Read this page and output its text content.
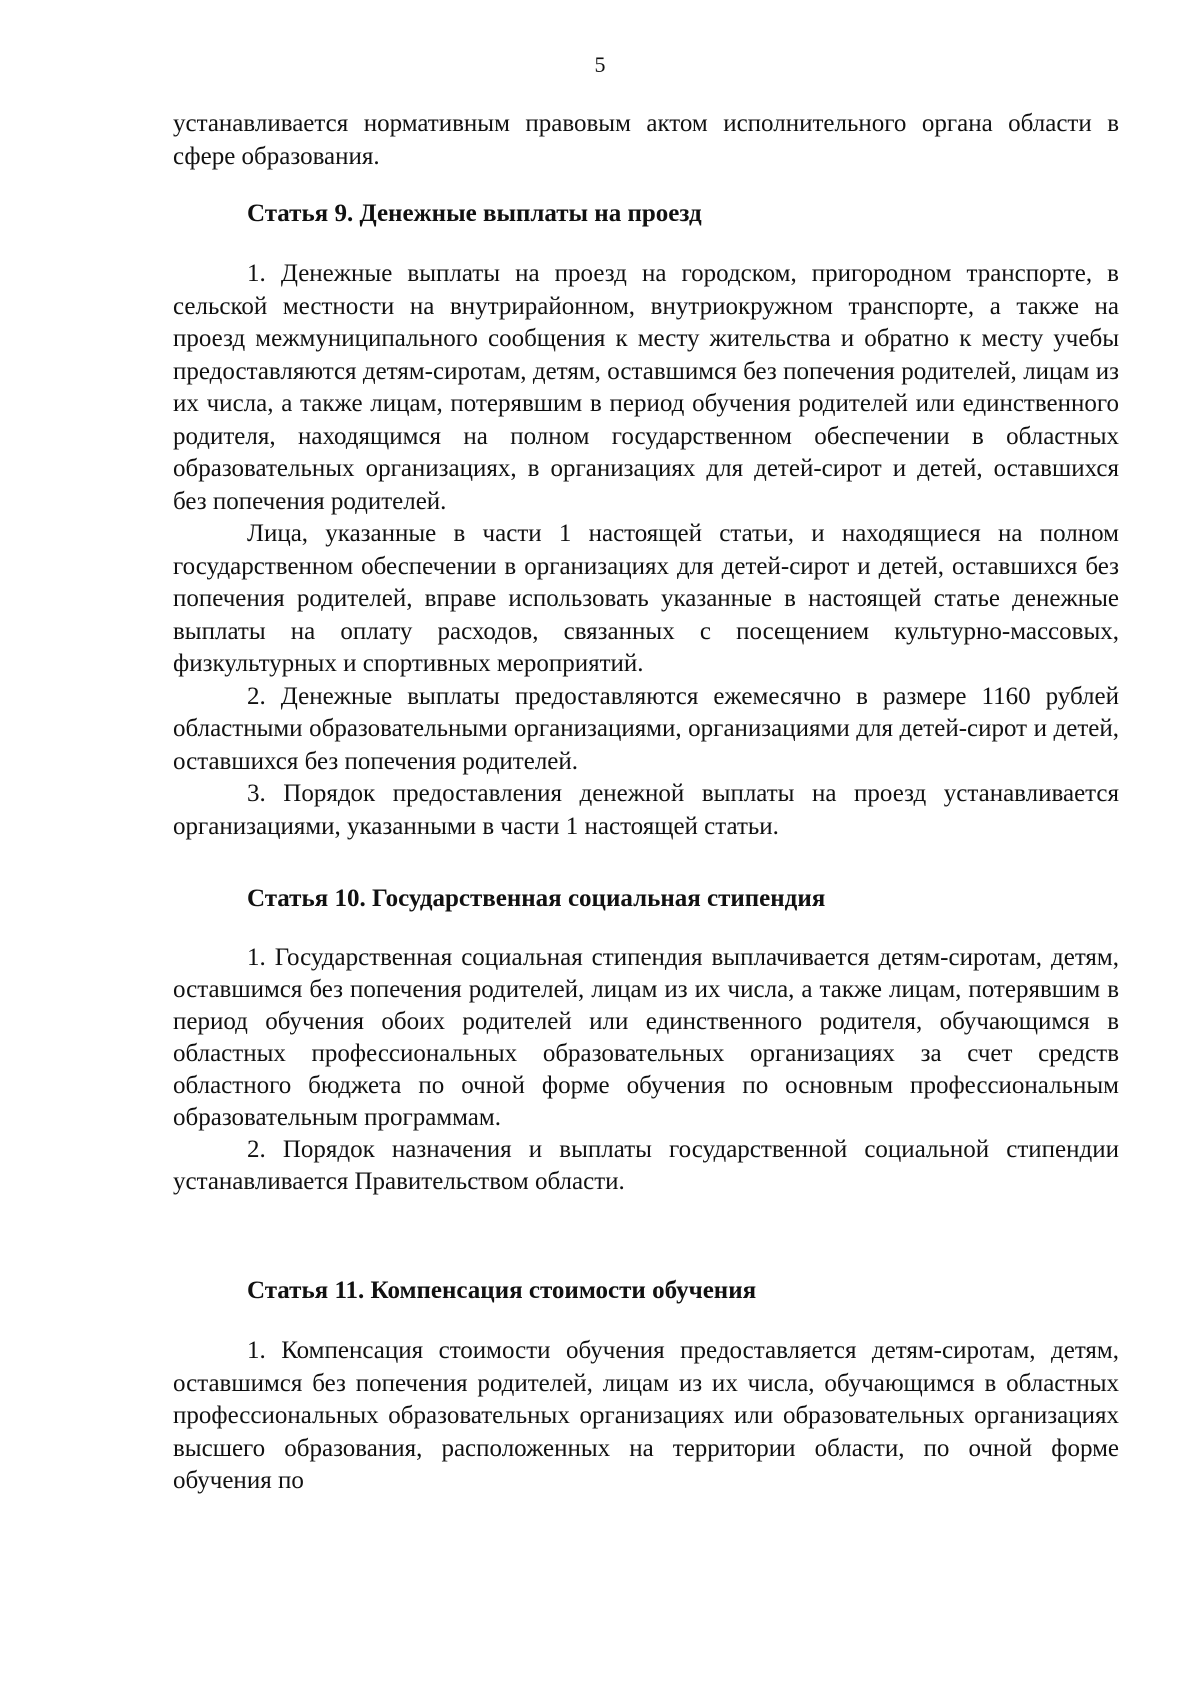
5

устанавливается нормативным правовым актом исполнительного органа области в сфере образования.

Статья 9. Денежные выплаты на проезд

1. Денежные выплаты на проезд на городском, пригородном транспорте, в сельской местности на внутрирайонном, внутриокружном транспорте, а также на проезд межмуниципального сообщения к месту жительства и обратно к месту учебы предоставляются детям-сиротам, детям, оставшимся без попечения родителей, лицам из их числа, а также лицам, потерявшим в период обучения родителей или единственного родителя, находящимся на полном государственном обеспечении в областных образовательных организациях, в организациях для детей-сирот и детей, оставшихся без попечения родителей.

Лица, указанные в части 1 настоящей статьи, и находящиеся на полном государственном обеспечении в организациях для детей-сирот и детей, оставшихся без попечения родителей, вправе использовать указанные в настоящей статье денежные выплаты на оплату расходов, связанных с посещением культурно-массовых, физкультурных и спортивных мероприятий.

2. Денежные выплаты предоставляются ежемесячно в размере 1160 рублей областными образовательными организациями, организациями для детей-сирот и детей, оставшихся без попечения родителей.

3. Порядок предоставления денежной выплаты на проезд устанавливается организациями, указанными в части 1 настоящей статьи.

Статья 10. Государственная социальная стипендия

1. Государственная социальная стипендия выплачивается детям-сиротам, детям, оставшимся без попечения родителей, лицам из их числа, а также лицам, потерявшим в период обучения обоих родителей или единственного родителя, обучающимся в областных профессиональных образовательных организациях за счет средств областного бюджета по очной форме обучения по основным профессиональным образовательным программам.

2. Порядок назначения и выплаты государственной социальной стипендии устанавливается Правительством области.

Статья 11. Компенсация стоимости обучения

1. Компенсация стоимости обучения предоставляется детям-сиротам, детям, оставшимся без попечения родителей, лицам из их числа, обучающимся в областных профессиональных образовательных организациях или образовательных организациях высшего образования, расположенных на территории области, по очной форме обучения по
